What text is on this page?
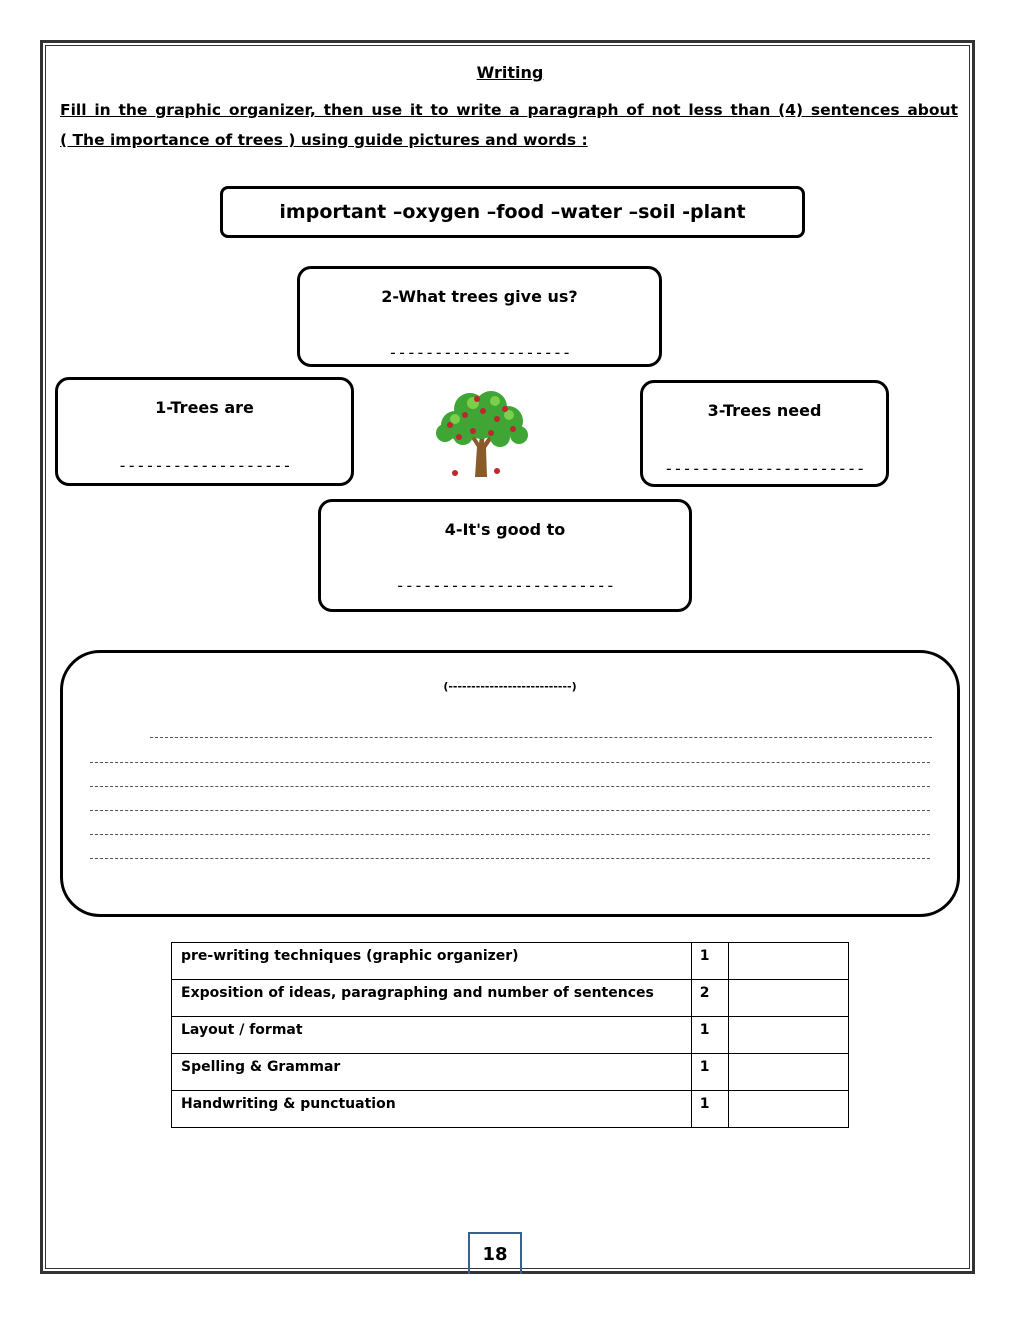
Writing
Fill in the graphic organizer, then use it to write a paragraph of not less than (4) sentences about
( The importance of trees ) using guide pictures and words :
important –oxygen –food –water –soil -plant
2-What trees give us?
--------------------
1-Trees are
-------------------
3-Trees need
----------------------
4-It's good to
------------------------
(---------------------------)
pre-writing techniques (graphic organizer)	1	
Exposition of ideas, paragraphing and number of sentences	2	
Layout / format	1	
Spelling & Grammar	1	
Handwriting & punctuation	1	
18
